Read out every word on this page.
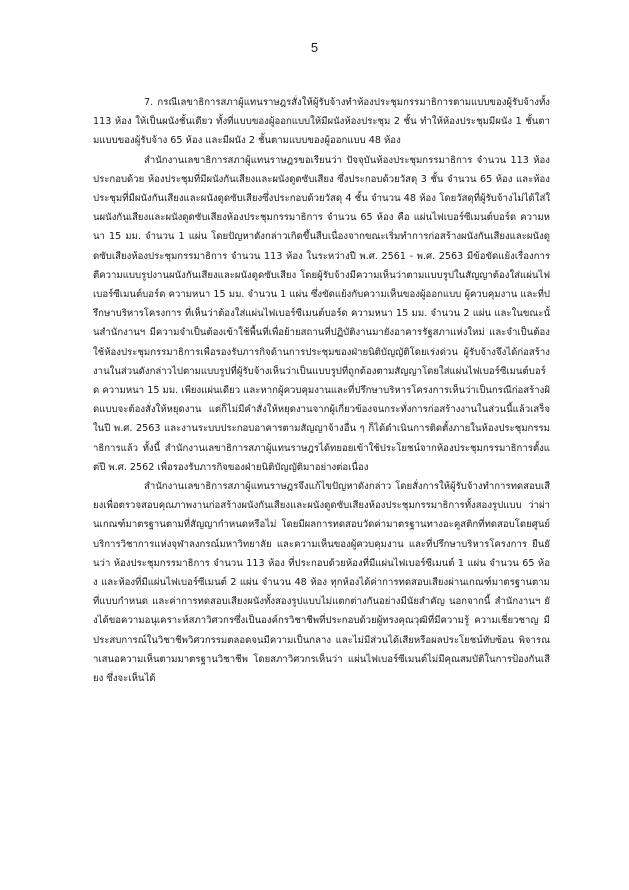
5

7. กรณีเลขาธิการสภาผู้แทนราษฎรสั่งให้ผู้รับจ้างทำห้องประชุมกรรมาธิการตามแบบของผู้รับจ้างทั้ง 113 ห้อง ให้เป็นผนังชั้นเดียว ทั้งที่แบบของผู้ออกแบบให้มีผนังห้องประชุม 2 ชั้น ทำให้ห้องประชุมมีผนัง 1 ชั้นตามแบบของผู้รับจ้าง 65 ห้อง และมีผนัง 2 ชั้นตามแบบของผู้ออกแบบ 48 ห้อง

สำนักงานเลขาธิการสภาผู้แทนราษฎรขอเรียนว่า ปัจจุบันห้องประชุมกรรมาธิการ จำนวน 113 ห้อง ประกอบด้วย ห้องประชุมที่มีผนังกันเสียงและผนังดูดซับเสียง ซึ่งประกอบด้วยวัสดุ 3 ชั้น จำนวน 65 ห้อง และห้องประชุมที่มีผนังกันเสียงและผนังดูดซับเสียงซึ่งประกอบด้วยวัสดุ 4 ชั้น จำนวน 48 ห้อง โดยวัสดุที่ผู้รับจ้างไม่ได้ใส่ในผนังกันเสียงและผนังดูดซับเสียงห้องประชุมกรรมาธิการ จำนวน 65 ห้อง คือ แผ่นไฟเบอร์ซีเมนต์บอร์ด ความหนา 15 มม. จำนวน 1 แผ่น โดยปัญหาดังกล่าวเกิดขึ้นสืบเนื่องจากขณะเริ่มทำการก่อสร้างผนังกันเสียงและผนังดูดซับเสียงห้องประชุมกรรมาธิการ จำนวน 113 ห้อง ในระหว่างปี พ.ศ. 2561 - พ.ศ. 2563 มีข้อขัดแย้งเรื่องการตีความแบบรูปงานผนังกันเสียงและผนังดูดซับเสียง โดยผู้รับจ้างมีความเห็นว่าตามแบบรูปในสัญญาต้องใส่แผ่นไฟเบอร์ซีเมนต์บอร์ด ความหนา 15 มม. จำนวน 1 แผ่น ซึ่งขัดแย้งกับความเห็นของผู้ออกแบบ ผู้ควบคุมงาน และที่ปรึกษาบริหารโครงการ ที่เห็นว่าต้องใส่แผ่นไฟเบอร์ซีเมนต์บอร์ด ความหนา 15 มม. จำนวน 2 แผ่น และในขณะนั้นสำนักงานฯ มีความจำเป็นต้องเข้าใช้พื้นที่เพื่อย้ายสถานที่ปฏิบัติงานมายังอาคารรัฐสภาแห่งใหม่ และจำเป็นต้องใช้ห้องประชุมกรรมาธิการเพื่อรองรับภารกิจด้านการประชุมของฝ่ายนิติบัญญัติโดยเร่งด่วน ผู้รับจ้างจึงได้ก่อสร้างงานในส่วนดังกล่าวไปตามแบบรูปที่ผู้รับจ้างเห็นว่าเป็นแบบรูปที่ถูกต้องตามสัญญาโดยใส่แผ่นไฟเบอร์ซีเมนต์บอร์ด ความหนา 15 มม. เพียงแผ่นเดียว และหากผู้ควบคุมงานและที่ปรึกษาบริหารโครงการเห็นว่าเป็นกรณีก่อสร้างผิดแบบจะต้องสั่งให้หยุดงาน แต่ก็ไม่มีคำสั่งให้หยุดงานจากผู้เกี่ยวข้องจนกระทั่งการก่อสร้างงานในส่วนนี้แล้วเสร็จในปี พ.ศ. 2563 และงานระบบประกอบอาคารตามสัญญาจ้างอื่น ๆ ก็ได้ดำเนินการติดตั้งภายในห้องประชุมกรรมาธิการแล้ว ทั้งนี้ สำนักงานเลขาธิการสภาผู้แทนราษฎรได้ทยอยเข้าใช้ประโยชน์จากห้องประชุมกรรมาธิการตั้งแต่ปี พ.ศ. 2562 เพื่อรองรับภารกิจของฝ่ายนิติบัญญัติมาอย่างต่อเนื่อง

สำนักงานเลขาธิการสภาผู้แทนราษฎรจึงแก้ไขปัญหาดังกล่าว โดยสั่งการให้ผู้รับจ้างทำการทดสอบเสียงเพื่อตรวจสอบคุณภาพงานก่อสร้างผนังกันเสียงและผนังดูดซับเสียงห้องประชุมกรรมาธิการทั้งสองรูปแบบ ว่าผ่านเกณฑ์มาตรฐานตามที่สัญญากำหนดหรือไม่ โดยมีผลการทดสอบวัดค่ามาตรฐานทางอะคูสติกที่ทดสอบโดยศูนย์บริการวิชาการแห่งจุฬาลงกรณ์มหาวิทยาลัย และความเห็นของผู้ควบคุมงาน และที่ปรึกษาบริหารโครงการ ยืนยันว่า ห้องประชุมกรรมาธิการ จำนวน 113 ห้อง ที่ประกอบด้วยห้องที่มีแผ่นไฟเบอร์ซีเมนต์ 1 แผ่น จำนวน 65 ห้อง และห้องที่มีแผ่นไฟเบอร์ซีเมนต์ 2 แผ่น จำนวน 48 ห้อง ทุกห้องได้ค่าการทดสอบเสียงผ่านเกณฑ์มาตรฐานตามที่แบบกำหนด และค่าการทดสอบเสียงผนังทั้งสองรูปแบบไม่แตกต่างกันอย่างมีนัยสำคัญ นอกจากนี้ สำนักงานฯ ยังได้ขอความอนุเคราะห์สภาวิศวกรซึ่งเป็นองค์กรวิชาชีพที่ประกอบด้วยผู้ทรงคุณวุฒิที่มีความรู้ ความเชี่ยวชาญ มีประสบการณ์ในวิชาชีพวิศวกรรมตลอดจนมีความเป็นกลาง และไม่มีส่วนได้เสียหรือผลประโยชน์ทับซ้อน พิจารณาเสนอความเห็นตามมาตรฐานวิชาชีพ โดยสภาวิศวกรเห็นว่า แผ่นไฟเบอร์ซีเมนต์ไม่มีคุณสมบัติในการป้องกันเสียง ซึ่งจะเห็นได้
